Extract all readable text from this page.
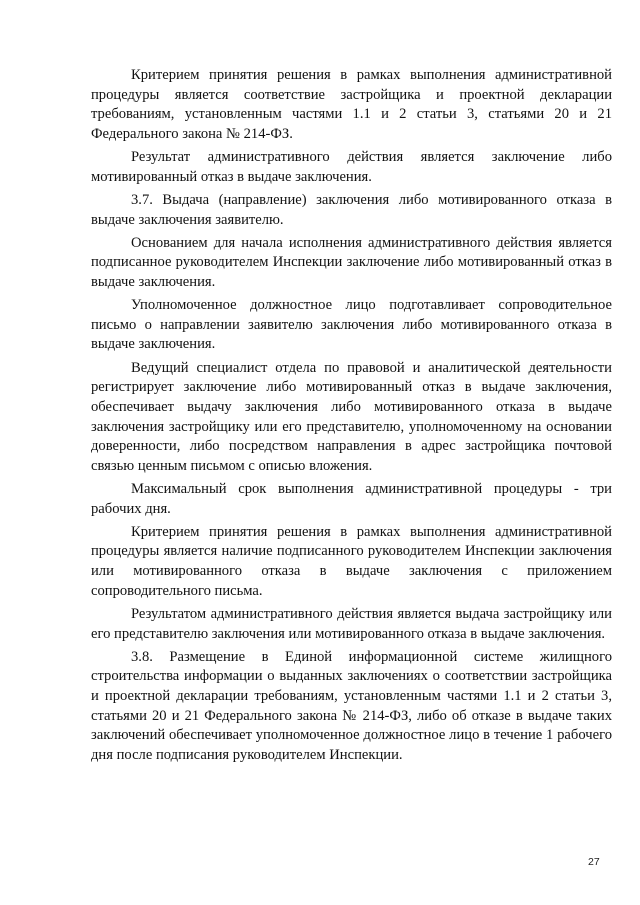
Критерием принятия решения в рамках выполнения административной процедуры является соответствие застройщика и проектной декларации требованиям, установленным частями 1.1 и 2 статьи 3, статьями 20 и 21 Федерального закона № 214-ФЗ.

Результат административного действия является заключение либо мотивированный отказ в выдаче заключения.

3.7. Выдача (направление) заключения либо мотивированного отказа в выдаче заключения заявителю.

Основанием для начала исполнения административного действия является подписанное руководителем Инспекции заключение либо мотивированный отказ в выдаче заключения.

Уполномоченное должностное лицо подготавливает сопроводительное письмо о направлении заявителю заключения либо мотивированного отказа в выдаче заключения.

Ведущий специалист отдела по правовой и аналитической деятельности регистрирует заключение либо мотивированный отказ в выдаче заключения, обеспечивает выдачу заключения либо мотивированного отказа в выдаче заключения застройщику или его представителю, уполномоченному на основании доверенности, либо посредством направления в адрес застройщика почтовой связью ценным письмом с описью вложения.

Максимальный срок выполнения административной процедуры - три рабочих дня.

Критерием принятия решения в рамках выполнения административной процедуры является наличие подписанного руководителем Инспекции заключения или мотивированного отказа в выдаче заключения с приложением сопроводительного письма.

Результатом административного действия является выдача застройщику или его представителю заключения или мотивированного отказа в выдаче заключения.

3.8. Размещение в Единой информационной системе жилищного строительства информации о выданных заключениях о соответствии застройщика и проектной декларации требованиям, установленным частями 1.1 и 2 статьи 3, статьями 20 и 21 Федерального закона № 214-ФЗ, либо об отказе в выдаче таких заключений обеспечивает уполномоченное должностное лицо в течение 1 рабочего дня после подписания руководителем Инспекции.

27
